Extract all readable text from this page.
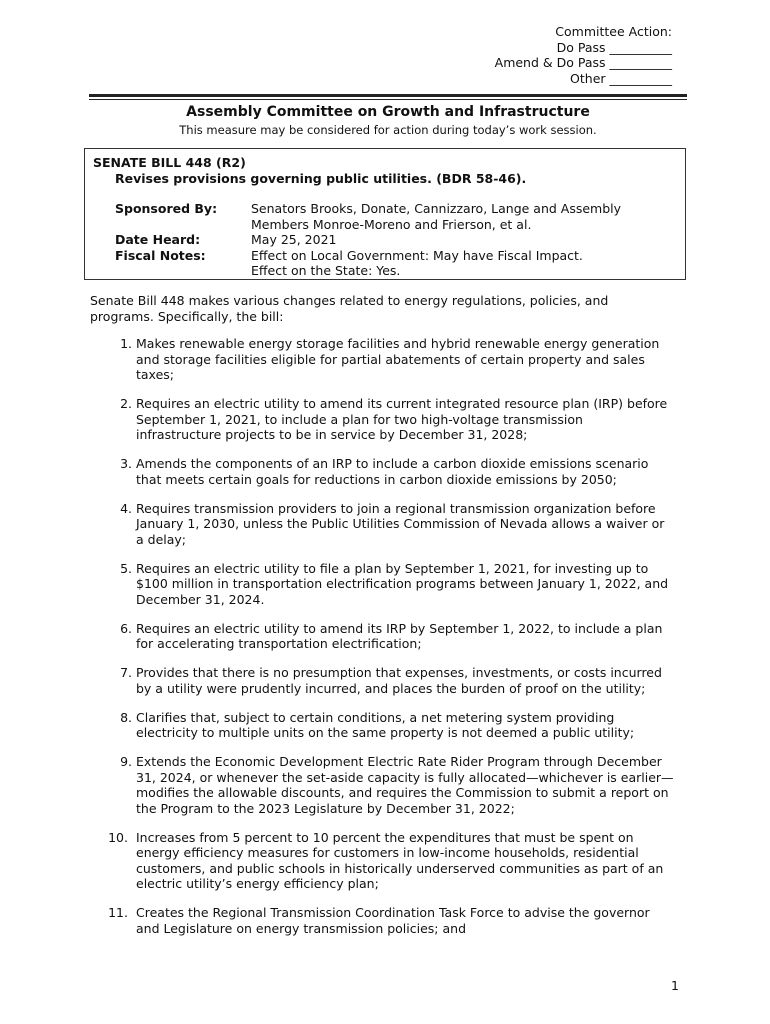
Committee Action:
Do Pass __________
Amend & Do Pass __________
Other __________
Assembly Committee on Growth and Infrastructure
This measure may be considered for action during today’s work session.
SENATE BILL 448 (R2)
Revises provisions governing public utilities. (BDR 58-46).
Sponsored By:	Senators Brooks, Donate, Cannizzaro, Lange and Assembly
Members Monroe-Moreno and Frierson, et al.
Date Heard:	May 25, 2021
Fiscal Notes:	Effect on Local Government: May have Fiscal Impact.
Effect on the State: Yes.
Senate Bill 448 makes various changes related to energy regulations, policies, and programs. Specifically, the bill:
1. Makes renewable energy storage facilities and hybrid renewable energy generation
and storage facilities eligible for partial abatements of certain property and sales
taxes;
2. Requires an electric utility to amend its current integrated resource plan (IRP) before
September 1, 2021, to include a plan for two high-voltage transmission
infrastructure projects to be in service by December 31, 2028;
3. Amends the components of an IRP to include a carbon dioxide emissions scenario
that meets certain goals for reductions in carbon dioxide emissions by 2050;
4. Requires transmission providers to join a regional transmission organization before
January 1, 2030, unless the Public Utilities Commission of Nevada allows a waiver or
a delay;
5. Requires an electric utility to file a plan by September 1, 2021, for investing up to
$100 million in transportation electrification programs between January 1, 2022, and
December 31, 2024.
6. Requires an electric utility to amend its IRP by September 1, 2022, to include a plan
for accelerating transportation electrification;
7. Provides that there is no presumption that expenses, investments, or costs incurred
by a utility were prudently incurred, and places the burden of proof on the utility;
8. Clarifies that, subject to certain conditions, a net metering system providing
electricity to multiple units on the same property is not deemed a public utility;
9. Extends the Economic Development Electric Rate Rider Program through December
31, 2024, or whenever the set-aside capacity is fully allocated—whichever is earlier—
modifies the allowable discounts, and requires the Commission to submit a report on
the Program to the 2023 Legislature by December 31, 2022;
10. Increases from 5 percent to 10 percent the expenditures that must be spent on
energy efficiency measures for customers in low-income households, residential
customers, and public schools in historically underserved communities as part of an
electric utility’s energy efficiency plan;
11. Creates the Regional Transmission Coordination Task Force to advise the governor
and Legislature on energy transmission policies; and
1
